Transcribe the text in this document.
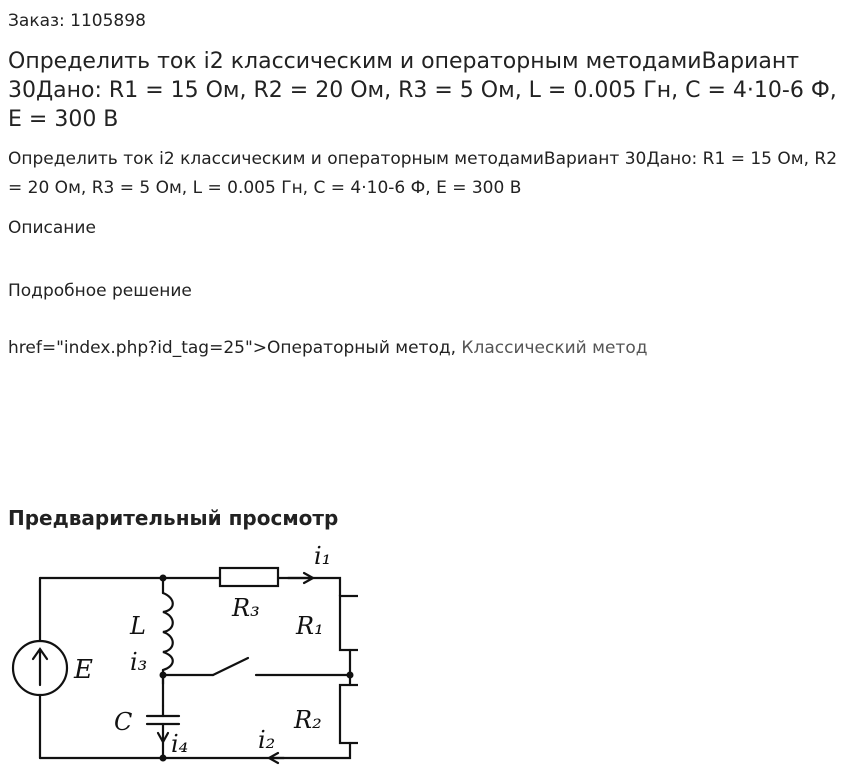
Заказ: 1105898
Определить ток i2 классическим и операторным методамиВариант 30Дано: R1 = 15 Ом, R2 = 20 Ом, R3 = 5 Ом, L = 0.005 Гн, C = 4·10-6 Ф, E = 300 В
Определить ток i2 классическим и операторным методамиВариант 30Дано: R1 = 15 Ом, R2 = 20 Ом, R3 = 5 Ом, L = 0.005 Гн, C = 4·10-6 Ф, E = 300 В
Описание
Подробное решение
href="index.php?id_tag=25">Операторный метод, Классический метод
Предварительный просмотр
i₁
R₃
R₁
L
i₃
E
C	R₂
i₄	i₂
